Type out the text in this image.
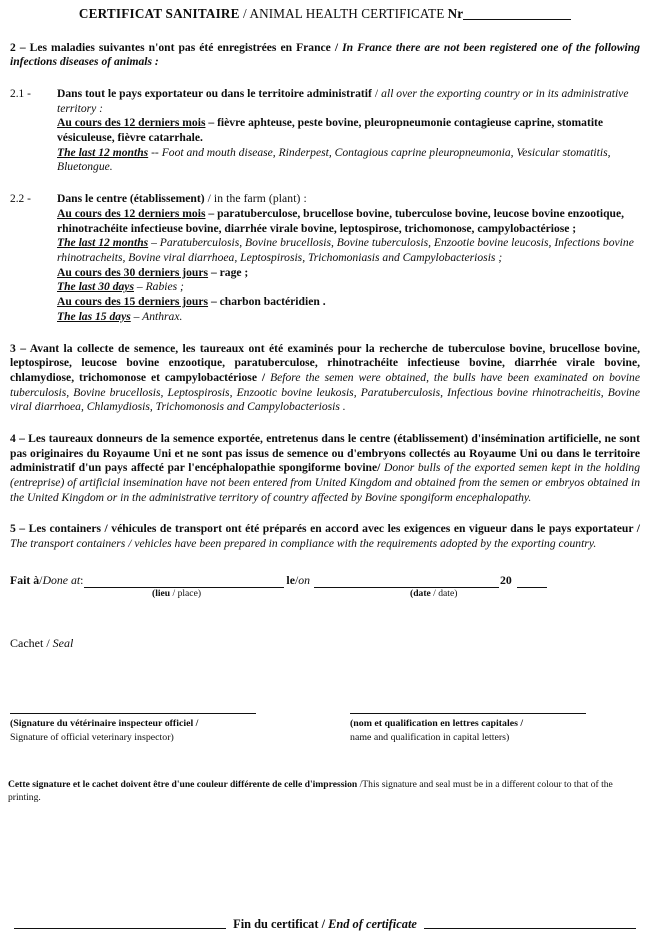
CERTIFICAT SANITAIRE / ANIMAL HEALTH CERTIFICATE Nr
2 – Les maladies suivantes n'ont pas été enregistrées en France / In France there are not been registered one of the following infections diseases of animals :
2.1 -	Dans tout le pays exportateur ou dans le territoire administratif / all over the exporting country or in its administrative territory :

Au cours des 12 derniers mois – fièvre aphteuse, peste bovine, pleuropneumonie contagieuse caprine, stomatite vésiculeuse, fièvre catarrhale.

The last 12 months -- Foot and mouth disease, Rinderpest, Contagious caprine pleuropneumonia, Vesicular stomatitis, Bluetongue.

2.2 -	Dans le centre (établissement) / in the farm (plant) :

Au cours des 12 derniers mois – paratuberculose, brucellose bovine, tuberculose bovine, leucose bovine enzootique, rhinotrachéite infectieuse bovine, diarrhée virale bovine, leptospirose, trichomonose, campylobactériose ;

The last 12 months – Paratuberculosis, Bovine brucellosis, Bovine tuberculosis, Enzootie bovine leucosis, Infections bovine rhinotracheits, Bovine viral diarrhoea, Leptospirosis, Trichomoniasis and Campylobacteriosis ;

Au cours des 30 derniers jours – rage ;

The last 30 days – Rabies ;

Au cours des 15 derniers jours – charbon bactéridien .

The las 15 days – Anthrax.

3 – Avant la collecte de semence, les taureaux ont été examinés pour la recherche de tuberculose bovine, brucellose bovine, leptospirose, leucose bovine enzootique, paratuberculose, rhinotrachéite infectieuse bovine, diarrhée virale bovine, chlamydiose, trichomonose et campylobactériose / Before the semen were obtained, the bulls have been examinated on bovine tuberculosis, Bovine brucellosis, Leptospirosis, Enzootic bovine leukosis, Paratuberculosis, Infectious bovine rhinotracheitis, Bovine viral diarrhoea, Chlamydiosis, Trichomonosis and Campylobacteriosis .
4 – Les taureaux donneurs de la semence exportée, entretenus dans le centre (établissement) d'insémination artificielle, ne sont pas originaires du Royaume Uni et ne sont pas issus de semence ou d'embryons collectés au Royaume Uni ou dans le territoire administratif d'un pays affecté par l'encéphalopathie spongiforme bovine/ Donor bulls of the exported semen kept in the holding (entreprise) of artificial insemination have not been entered from United Kingdom and obtained from the semen or embryos obtained in the United Kingdom or in the administrative territory of country affected by Bovine spongiform encephalopathy.
5 – Les containers / véhicules de transport ont été préparés en accord avec les exigences en vigueur dans le pays exportateur / The transport containers / vehicles have been prepared in compliance with the requirements adopted by the exporting country.
Fait à / Done at :	le / on	20
(lieu / place)	(date / date)
Cachet / Seal
(Signature du vétérinaire inspecteur officiel /
Signature of official veterinary inspector)
(nom et qualification en lettres capitales /
name and qualification in capital letters)
Cette signature et le cachet doivent être d'une couleur différente de celle d'impression /This signature and seal must be in a different colour to that of the printing.
Fin du certificat / End of certificate
